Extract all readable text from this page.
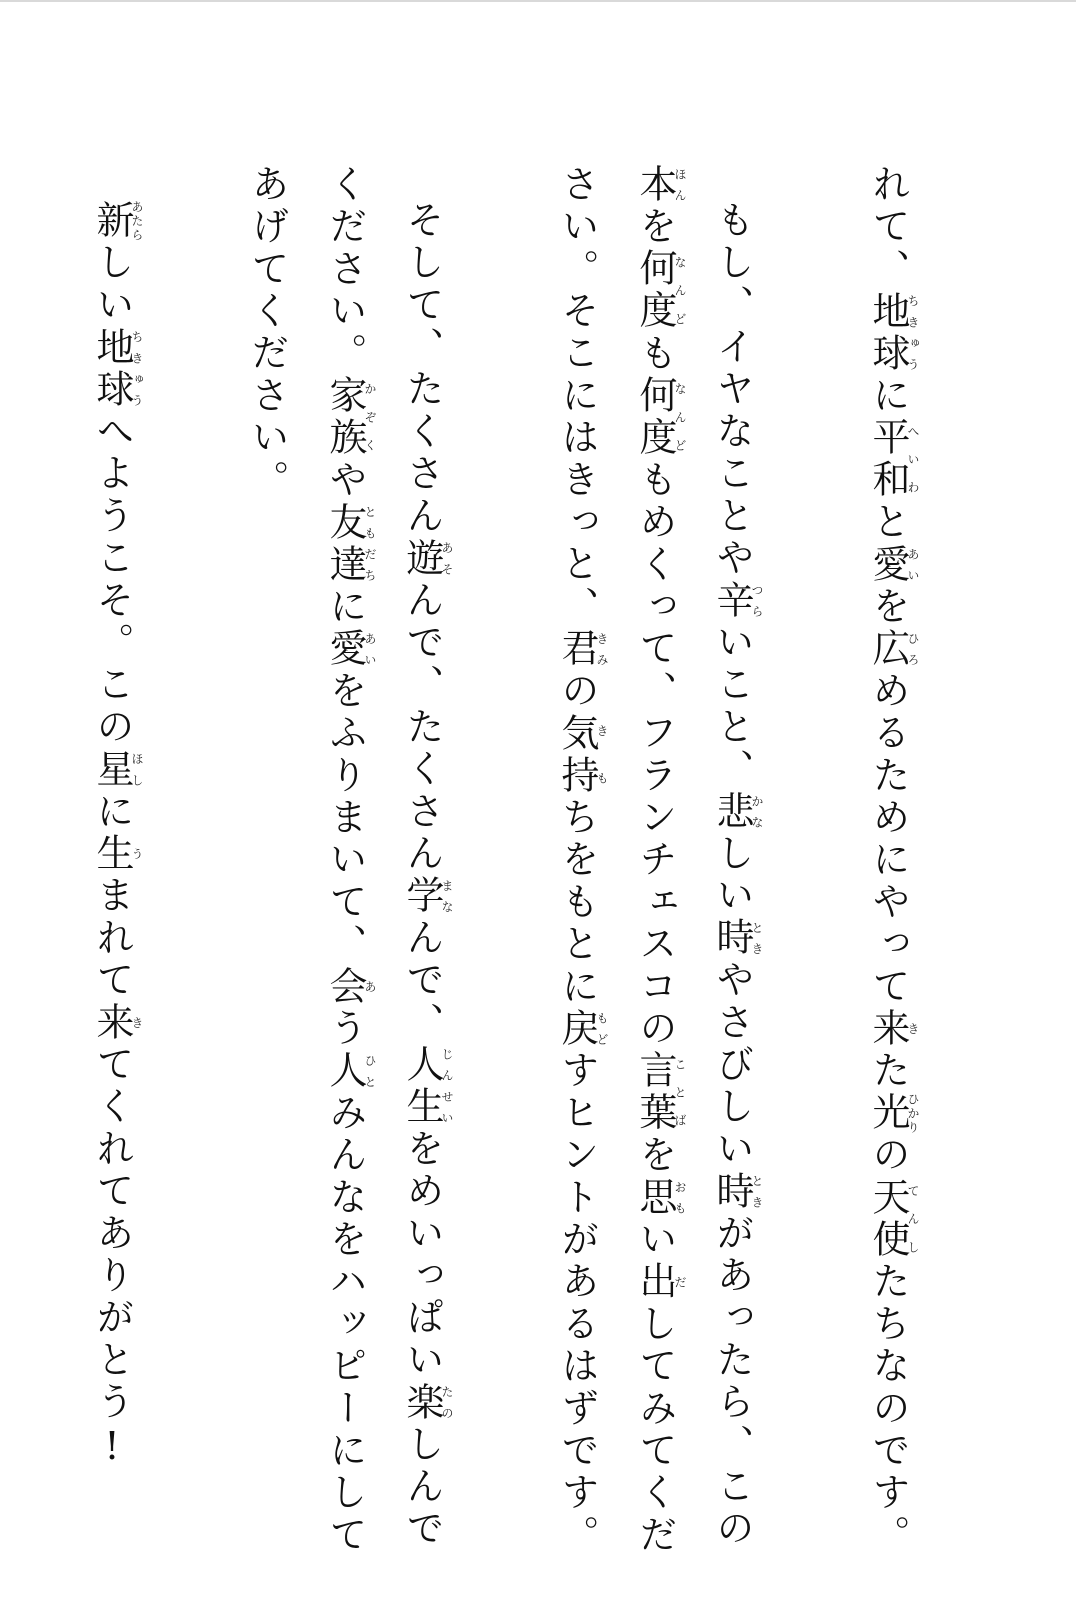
れて、地球ちきゅうに平和へいわと愛あいを広ひろめるためにやって来きた光ひかりの天使てんしたちなのです。
もし、イヤなことや辛つらいこと、悲かなしい時ときやさびしい時ときがあったら、この
本ほんを何度なんども何度なんどもめくって、フランチェスコの言葉ことばを思おもい出だしてみてくだ
さい。そこにはきっと、君きみの気持きもちをもとに戻もどすヒントがあるはずです。
そして、たくさん遊あそんで、たくさん学まなんで、人生じんせいをめいっぱい楽たのしんで
ください。家族かぞくや友達ともだちに愛あいをふりまいて、会あう人ひとみんなをハッピーにして
あげてください。
新あたらしい地球ちきゅうへようこそ。この星ほしに生うまれて来きてくれてありがとう!
